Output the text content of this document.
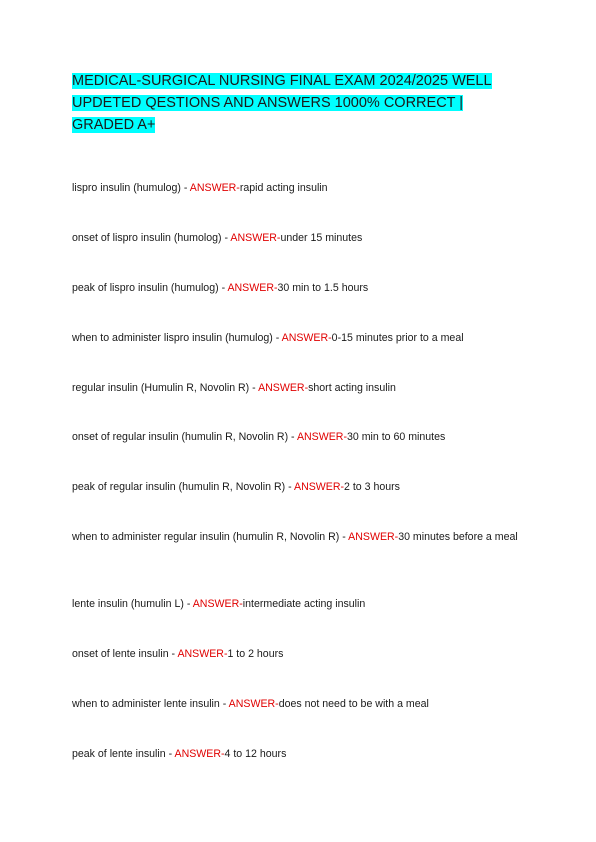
MEDICAL-SURGICAL NURSING FINAL EXAM 2024/2025 WELL UPDETED QESTIONS AND ANSWERS 1000% CORRECT | GRADED A+
lispro insulin (humulog) - ANSWER-rapid acting insulin
onset of lispro insulin (humolog) - ANSWER-under 15 minutes
peak of lispro insulin (humulog) - ANSWER-30 min to 1.5 hours
when to administer lispro insulin (humulog) - ANSWER-0-15 minutes prior to a meal
regular insulin (Humulin R, Novolin R) - ANSWER-short acting insulin
onset of regular insulin (humulin R, Novolin R) - ANSWER-30 min to 60 minutes
peak of regular insulin (humulin R, Novolin R) - ANSWER-2 to 3 hours
when to administer regular insulin (humulin R, Novolin R) - ANSWER-30 minutes before a meal
lente insulin (humulin L) - ANSWER-intermediate acting insulin
onset of lente insulin - ANSWER-1 to 2 hours
when to administer lente insulin - ANSWER-does not need to be with a meal
peak of lente insulin - ANSWER-4 to 12 hours
